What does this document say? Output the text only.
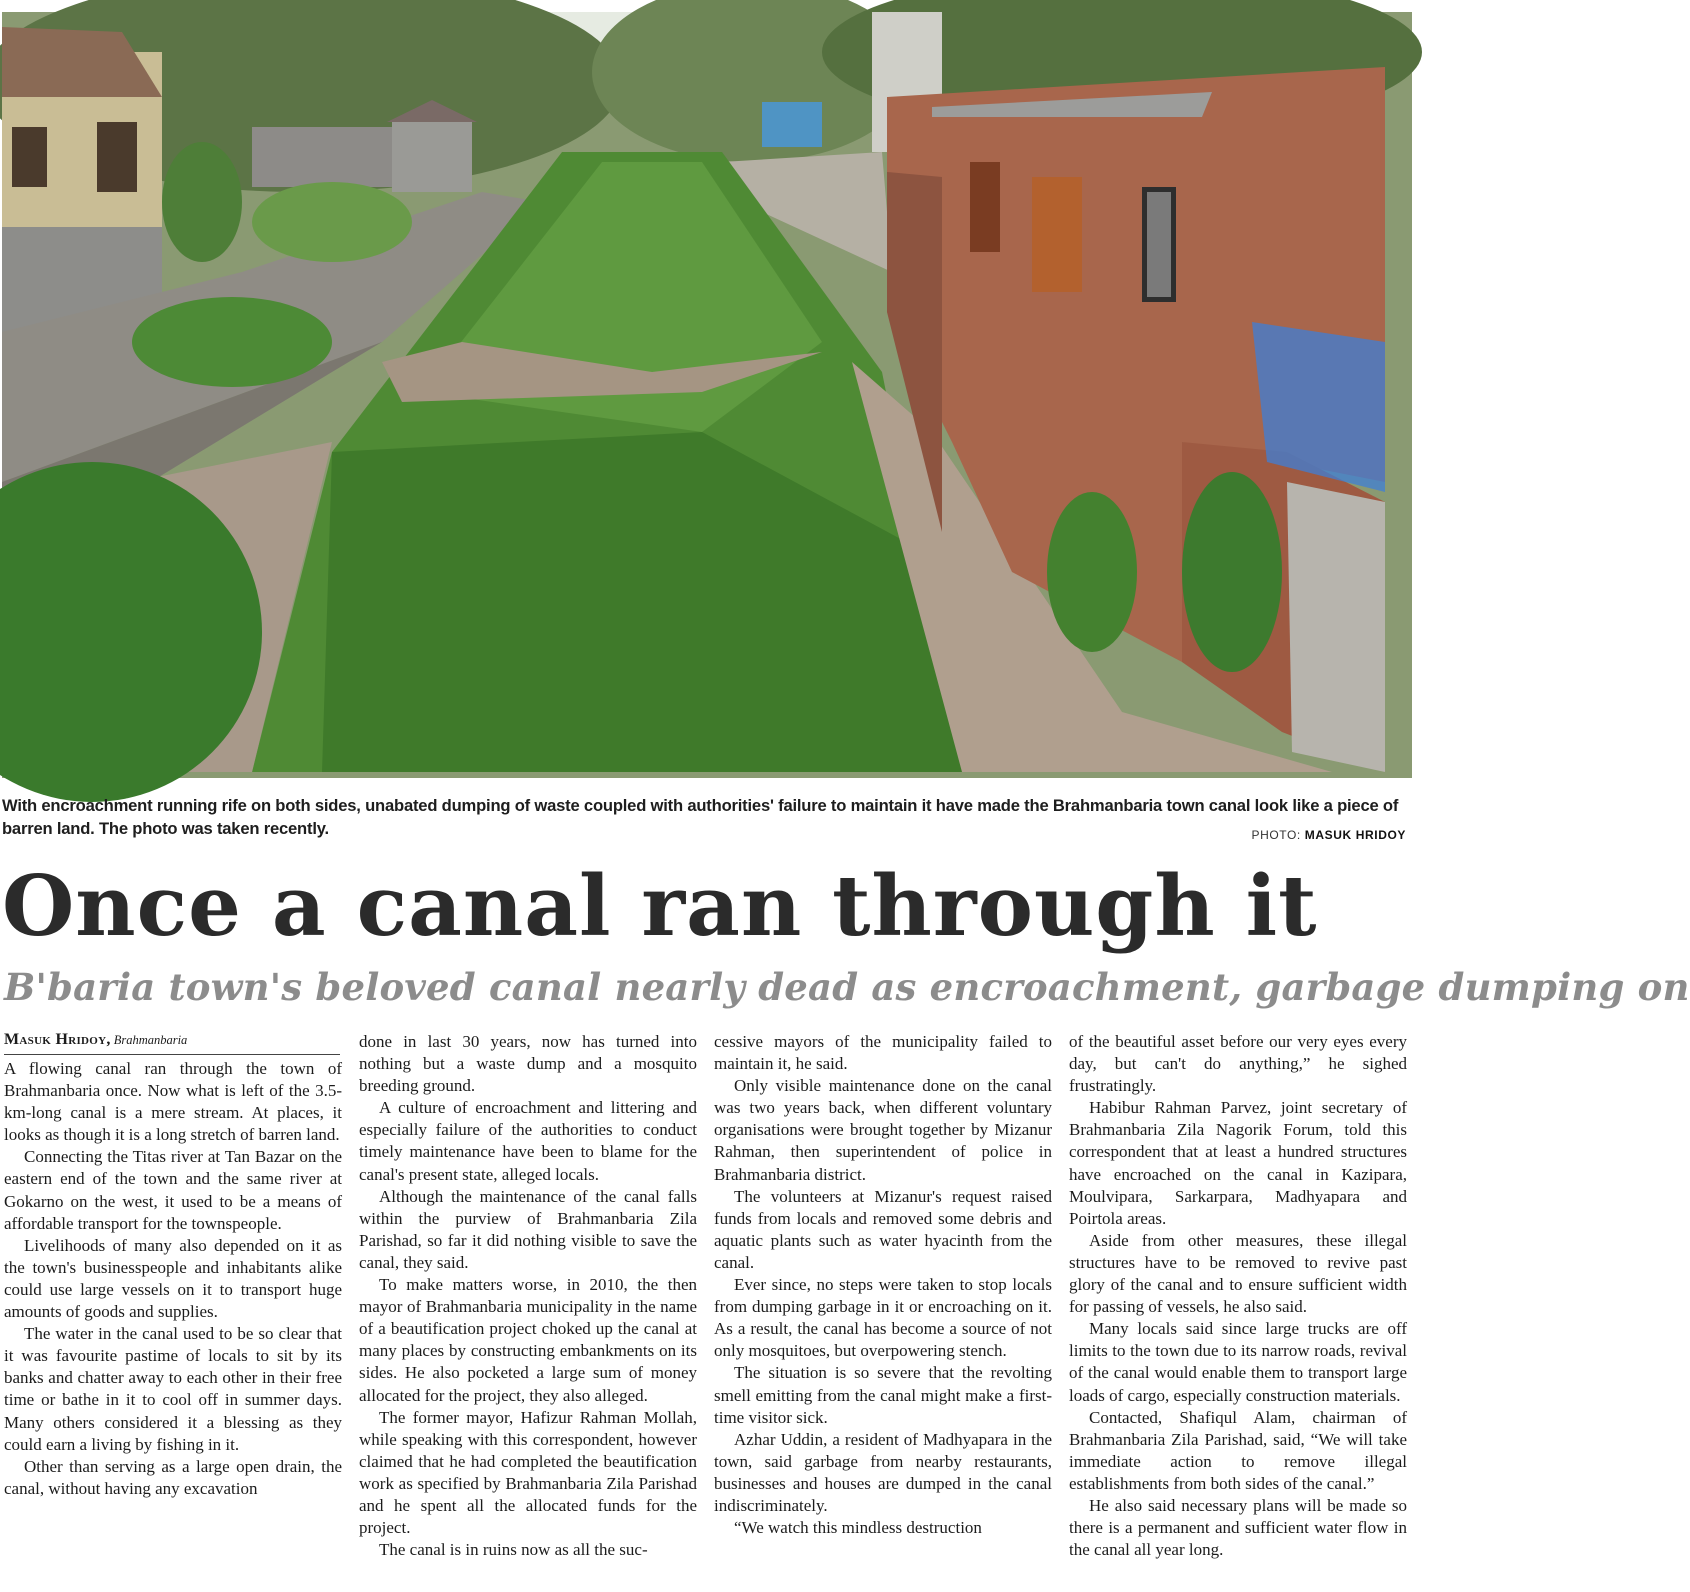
With encroachment running rife on both sides, unabated dumping of waste coupled with authorities' failure to maintain it have made the Brahmanbaria town canal look like a piece of barren land. The photo was taken recently.	PHOTO: MASUK HRIDOY
Once a canal ran through it
B'baria town's beloved canal nearly dead as encroachment, garbage dumping on
Masuk Hridoy, Brahmanbaria

A flowing canal ran through the town of Brahmanbaria once. Now what is left of the 3.5-km-long canal is a mere stream. At places, it looks as though it is a long stretch of barren land.

Connecting the Titas river at Tan Bazar on the eastern end of the town and the same river at Gokarno on the west, it used to be a means of affordable transport for the townspeople.

Livelihoods of many also depended on it as the town's businesspeople and inhabitants alike could use large vessels on it to transport huge amounts of goods and supplies.

The water in the canal used to be so clear that it was favourite pastime of locals to sit by its banks and chatter away to each other in their free time or bathe in it to cool off in summer days. Many others considered it a blessing as they could earn a living by fishing in it.

Other than serving as a large open drain, the canal, without having any excavation

done in last 30 years, now has turned into nothing but a waste dump and a mosquito breeding ground.

A culture of encroachment and littering and especially failure of the authorities to conduct timely maintenance have been to blame for the canal's present state, alleged locals.

Although the maintenance of the canal falls within the purview of Brahmanbaria Zila Parishad, so far it did nothing visible to save the canal, they said.

To make matters worse, in 2010, the then mayor of Brahmanbaria municipality in the name of a beautification project choked up the canal at many places by constructing embankments on its sides. He also pocketed a large sum of money allocated for the project, they also alleged.

The former mayor, Hafizur Rahman Mollah, while speaking with this correspondent, however claimed that he had completed the beautification work as specified by Brahmanbaria Zila Parishad and he spent all the allocated funds for the project.

The canal is in ruins now as all the suc-

cessive mayors of the municipality failed to maintain it, he said.

Only visible maintenance done on the canal was two years back, when different voluntary organisations were brought together by Mizanur Rahman, then superintendent of police in Brahmanbaria district.

The volunteers at Mizanur's request raised funds from locals and removed some debris and aquatic plants such as water hyacinth from the canal.

Ever since, no steps were taken to stop locals from dumping garbage in it or encroaching on it. As a result, the canal has become a source of not only mosquitoes, but overpowering stench.

The situation is so severe that the revolting smell emitting from the canal might make a first-time visitor sick.

Azhar Uddin, a resident of Madhyapara in the town, said garbage from nearby restaurants, businesses and houses are dumped in the canal indiscriminately.

“We watch this mindless destruction

of the beautiful asset before our very eyes every day, but can't do anything,” he sighed frustratingly.

Habibur Rahman Parvez, joint secretary of Brahmanbaria Zila Nagorik Forum, told this correspondent that at least a hundred structures have encroached on the canal in Kazipara, Moulvipara, Sarkarpara, Madhyapara and Poirtola areas.

Aside from other measures, these illegal structures have to be removed to revive past glory of the canal and to ensure sufficient width for passing of vessels, he also said.

Many locals said since large trucks are off limits to the town due to its narrow roads, revival of the canal would enable them to transport large loads of cargo, especially construction materials.

Contacted, Shafiqul Alam, chairman of Brahmanbaria Zila Parishad, said, “We will take immediate action to remove illegal establishments from both sides of the canal.”

He also said necessary plans will be made so there is a permanent and sufficient water flow in the canal all year long.
